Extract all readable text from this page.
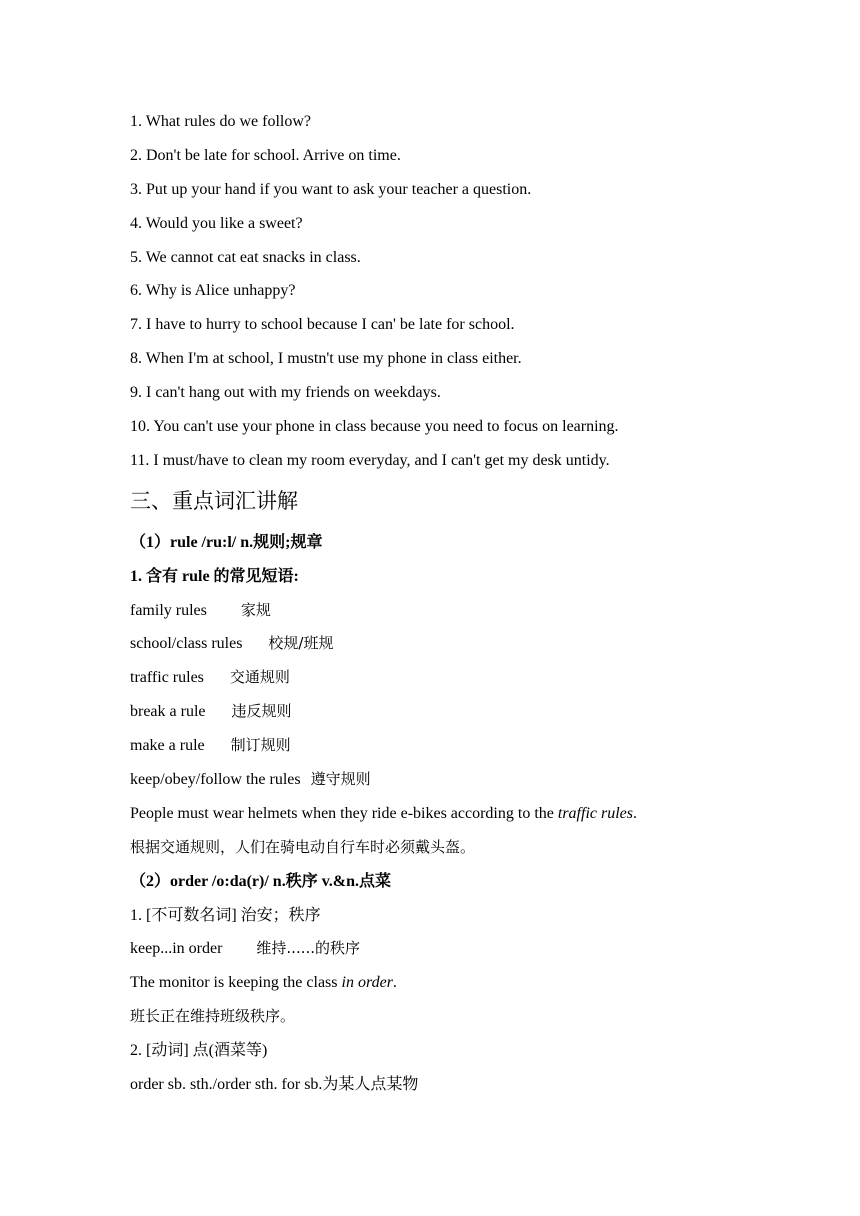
1. What rules do we follow?
2. Don't be late for school. Arrive on time.
3. Put up your hand if you want to ask your teacher a question.
4. Would you like a sweet?
5. We cannot cat eat snacks in class.
6. Why is Alice unhappy?
7. I have to hurry to school because I can' be late for school.
8. When I'm at school, I mustn't use my phone in class either.
9. I can't hang out with my friends on weekdays.
10. You can't use your phone in class because you need to focus on learning.
11. I must/have to clean my room everyday, and I can't get my desk untidy.
三、重点词汇讲解
（1）rule /ru:l/ n.规则;规章
1. 含有 rule 的常见短语:
family rules 家规
school/class rules 校规/班规
traffic rules 交通规则
break a rule 违反规则
make a rule 制订规则
keep/obey/follow the rules 遵守规则
People must wear helmets when they ride e-bikes according to the traffic rules.
根据交通规则，人们在骑电动自行车时必须戴头盔。
（2）order /o:da(r)/ n.秩序 v.&n.点菜
1. [不可数名词] 治安；秩序
keep...in order 维持......的秩序
The monitor is keeping the class in order.
班长正在维持班级秩序。
2. [动词] 点(酒菜等)
order sb. sth./order sth. for sb.为某人点某物
